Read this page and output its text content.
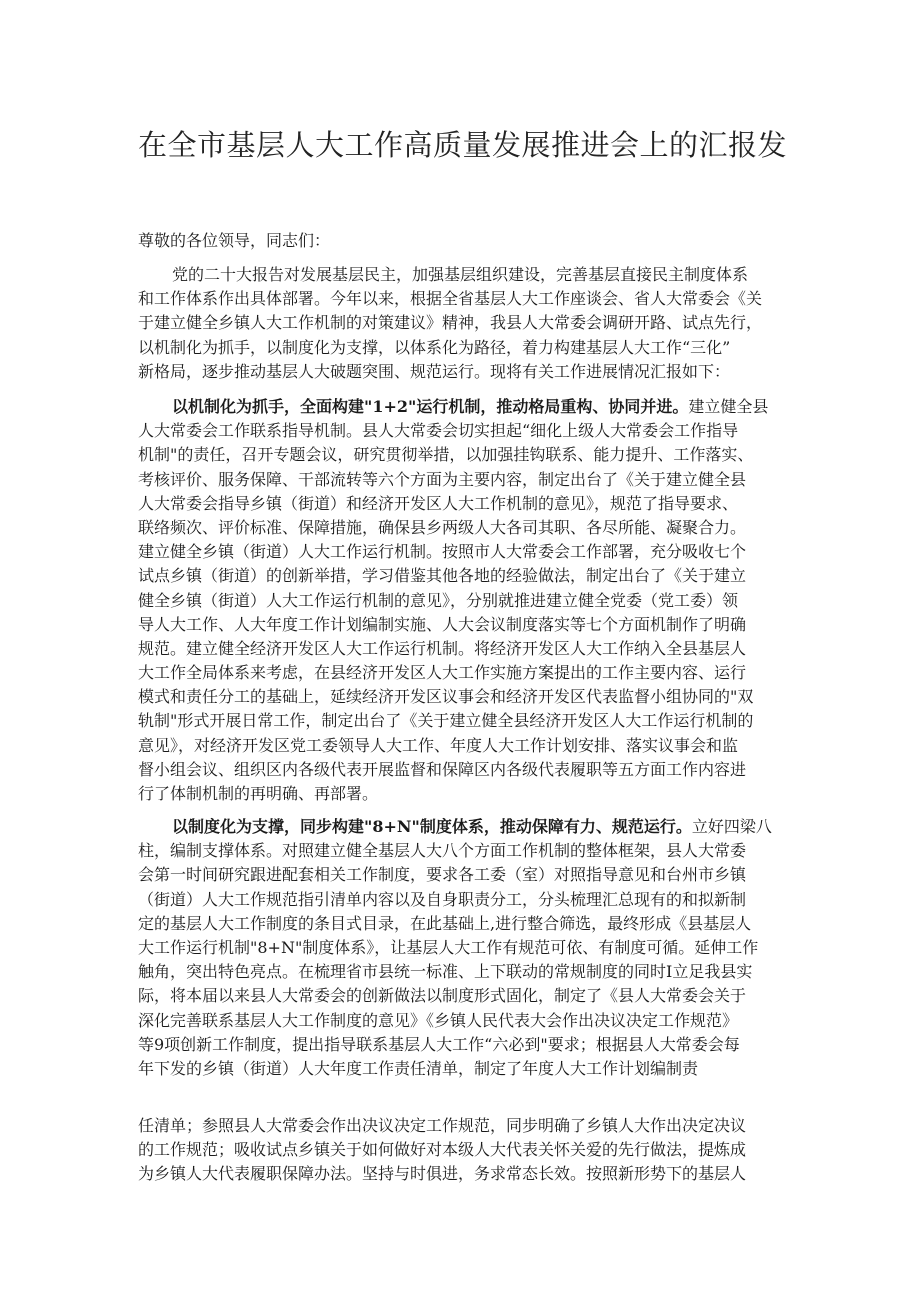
在全市基层人大工作高质量发展推进会上的汇报发

尊敬的各位领导，同志们：

党的二十大报告对发展基层民主，加强基层组织建设，完善基层直接民主制度体系
和工作体系作出具体部署。今年以来，根据全省基层人大工作座谈会、省人大常委会《关
于建立健全乡镇人大工作机制的对策建议》精神，我县人大常委会调研开路、试点先行，
以机制化为抓手，以制度化为支撑，以体系化为路径，着力构建基层人大工作“三化”
新格局，逐步推动基层人大破题突围、规范运行。现将有关工作进展情况汇报如下：
以机制化为抓手，全面构建"1+2"运行机制，推动格局重构、协同并进。建立健全县
人大常委会工作联系指导机制。县人大常委会切实担起“细化上级人大常委会工作指导
机制"的责任，召开专题会议，研究贯彻举措，以加强挂钩联系、能力提升、工作落实、
考核评价、服务保障、干部流转等六个方面为主要内容，制定出台了《关于建立健全县
人大常委会指导乡镇（街道）和经济开发区人大工作机制的意见》，规范了指导要求、
联络频次、评价标准、保障措施，确保县乡两级人大各司其职、各尽所能、凝聚合力。
建立健全乡镇（街道）人大工作运行机制。按照市人大常委会工作部署，充分吸收七个
试点乡镇（街道）的创新举措，学习借鉴其他各地的经验做法，制定出台了《关于建立
健全乡镇（街道）人大工作运行机制的意见》，分别就推进建立健全党委（党工委）领
导人大工作、人大年度工作计划编制实施、人大会议制度落实等七个方面机制作了明确
规范。建立健全经济开发区人大工作运行机制。将经济开发区人大工作纳入全县基层人
大工作全局体系来考虑，在县经济开发区人大工作实施方案提出的工作主要内容、运行
模式和责任分工的基础上，延续经济开发区议事会和经济开发区代表监督小组协同的"双
轨制"形式开展日常工作，制定出台了《关于建立健全县经济开发区人大工作运行机制的
意见》，对经济开发区党工委领导人大工作、年度人大工作计划安排、落实议事会和监
督小组会议、组织区内各级代表开展监督和保障区内各级代表履职等五方面工作内容进
行了体制机制的再明确、再部署。
以制度化为支撑，同步构建"8+N"制度体系，推动保障有力、规范运行。立好四梁八
柱，编制支撑体系。对照建立健全基层人大八个方面工作机制的整体框架，县人大常委
会第一时间研究跟进配套相关工作制度，要求各工委（室）对照指导意见和台州市乡镇
（街道）人大工作规范指引清单内容以及自身职责分工，分头梳理汇总现有的和拟新制
定的基层人大工作制度的条目式目录，在此基础上,进行整合筛选，最终形成《县基层人
大工作运行机制"8+N"制度体系》，让基层人大工作有规范可依、有制度可循。延伸工作
触角，突出特色亮点。在梳理省市县统一标准、上下联动的常规制度的同时I立足我县实
际，将本届以来县人大常委会的创新做法以制度形式固化，制定了《县人大常委会关于
深化完善联系基层人大工作制度的意见》《乡镇人民代表大会作出决议决定工作规范》
等9项创新工作制度，提出指导联系基层人大工作“六必到"要求；根据县人大常委会每
年下发的乡镇（街道）人大年度工作责任清单，制定了年度人大工作计划编制责
任清单；参照县人大常委会作出决议决定工作规范，同步明确了乡镇人大作出决定决议
的工作规范；吸收试点乡镇关于如何做好对本级人大代表关怀关爱的先行做法，提炼成
为乡镇人大代表履职保障办法。坚持与时俱进，务求常态长效。按照新形势下的基层人
